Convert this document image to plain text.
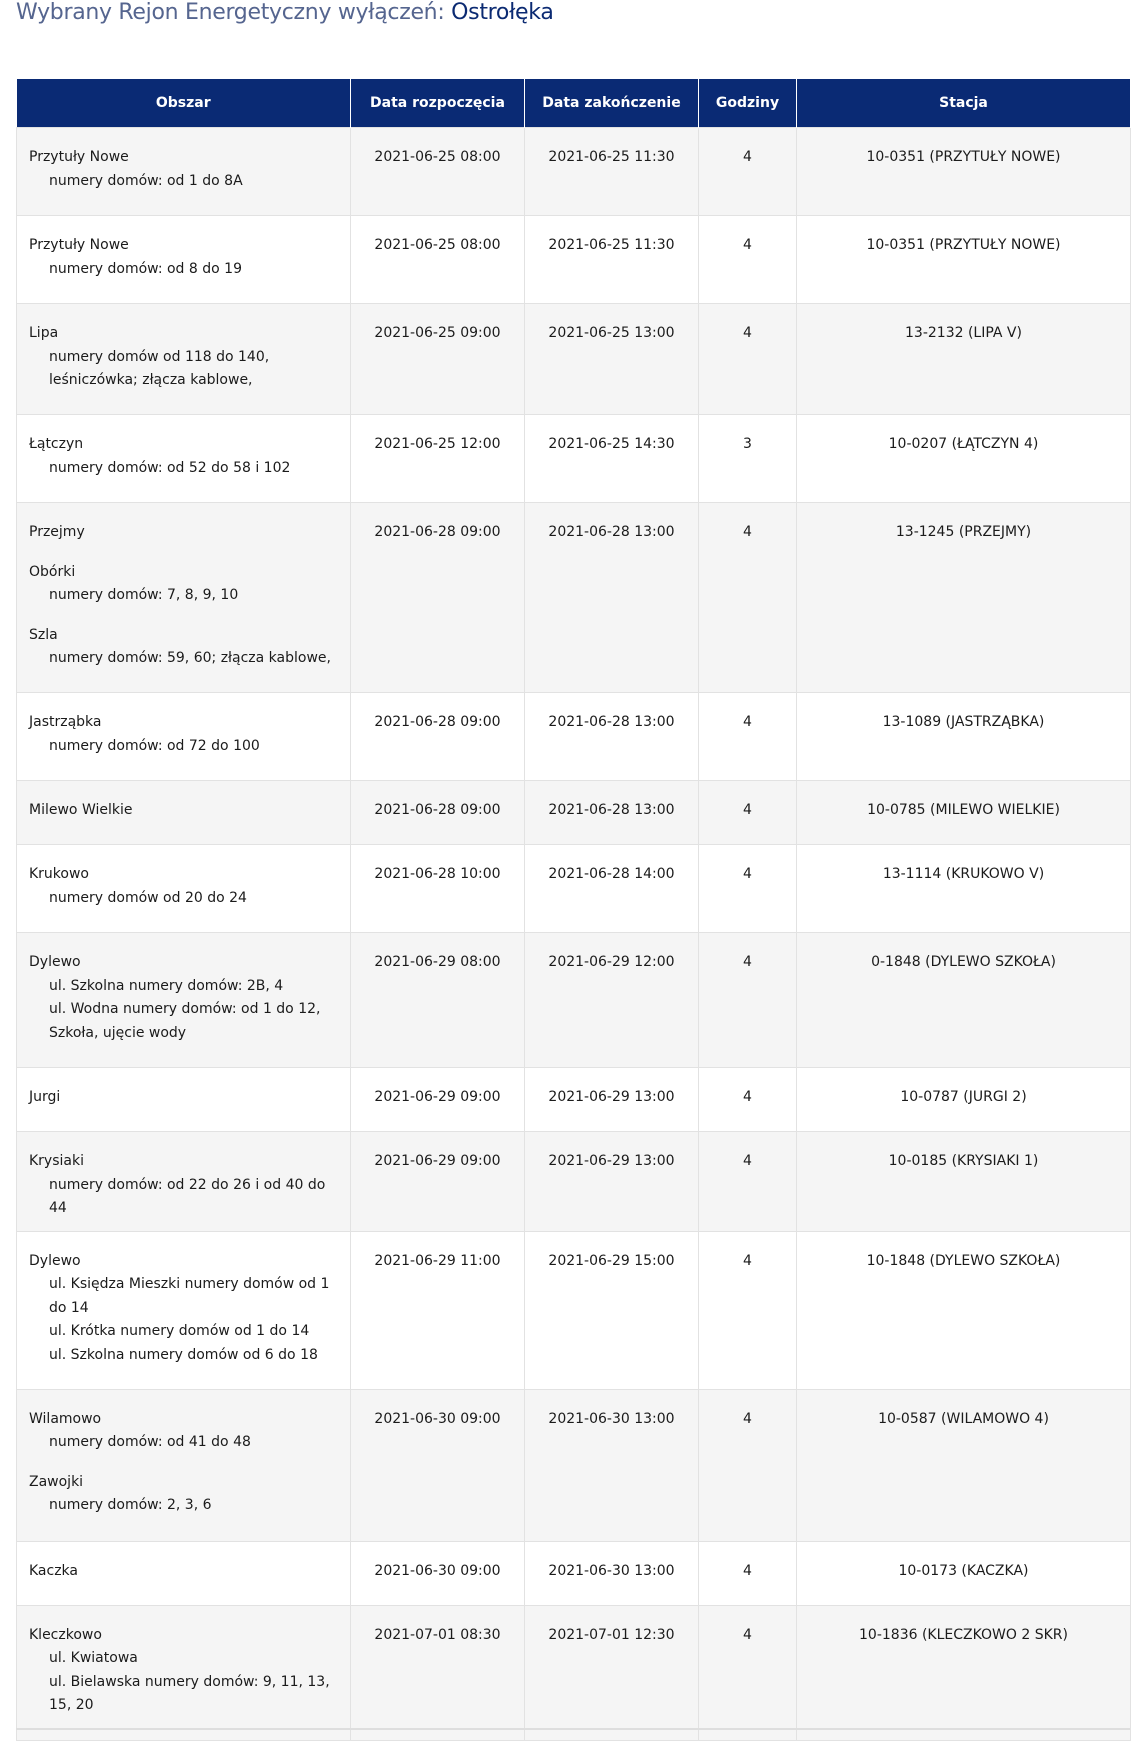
Wybrany Rejon Energetyczny wyłączeń: Ostrołęka
Obszar	Data rozpoczęcia	Data zakończenie	Godziny	Stacja

Przytuły Nowe
numery domów: od 1 do 8A	2021-06-25 08:00	2021-06-25 11:30	4	10-0351 (PRZYTUŁY NOWE)

Przytuły Nowe
numery domów: od 8 do 19	2021-06-25 08:00	2021-06-25 11:30	4	10-0351 (PRZYTUŁY NOWE)

Lipa
numery domów od 118 do 140, leśniczówka; złącza kablowe,	2021-06-25 09:00	2021-06-25 13:00	4	13-2132 (LIPA V)

Łątczyn
numery domów: od 52 do 58 i 102	2021-06-25 12:00	2021-06-25 14:30	3	10-0207 (ŁĄTCZYN 4)

Przejmy
Obórki
numery domów: 7, 8, 9, 10
Szla
numery domów: 59, 60; złącza kablowe,	2021-06-28 09:00	2021-06-28 13:00	4	13-1245 (PRZEJMY)

Jastrząbka
numery domów: od 72 do 100	2021-06-28 09:00	2021-06-28 13:00	4	13-1089 (JASTRZĄBKA)

Milewo Wielkie	2021-06-28 09:00	2021-06-28 13:00	4	10-0785 (MILEWO WIELKIE)

Krukowo
numery domów od 20 do 24	2021-06-28 10:00	2021-06-28 14:00	4	13-1114 (KRUKOWO V)

Dylewo
ul. Szkolna numery domów: 2B, 4
ul. Wodna numery domów: od 1 do 12, Szkoła, ujęcie wody	2021-06-29 08:00	2021-06-29 12:00	4	0-1848 (DYLEWO SZKOŁA)

Jurgi	2021-06-29 09:00	2021-06-29 13:00	4	10-0787 (JURGI 2)

Krysiaki
numery domów: od 22 do 26 i od 40 do 44	2021-06-29 09:00	2021-06-29 13:00	4	10-0185 (KRYSIAKI 1)

Dylewo
ul. Księdza Mieszki numery domów od 1 do 14
ul. Krótka numery domów od 1 do 14
ul. Szkolna numery domów od 6 do 18	2021-06-29 11:00	2021-06-29 15:00	4	10-1848 (DYLEWO SZKOŁA)

Wilamowo
numery domów: od 41 do 48
Zawojki
numery domów: 2, 3, 6	2021-06-30 09:00	2021-06-30 13:00	4	10-0587 (WILAMOWO 4)

Kaczka	2021-06-30 09:00	2021-06-30 13:00	4	10-0173 (KACZKA)

Kleczkowo
ul. Kwiatowa
ul. Bielawska numery domów: 9, 11, 13, 15, 20	2021-07-01 08:30	2021-07-01 12:30	4	10-1836 (KLECZKOWO 2 SKR)
